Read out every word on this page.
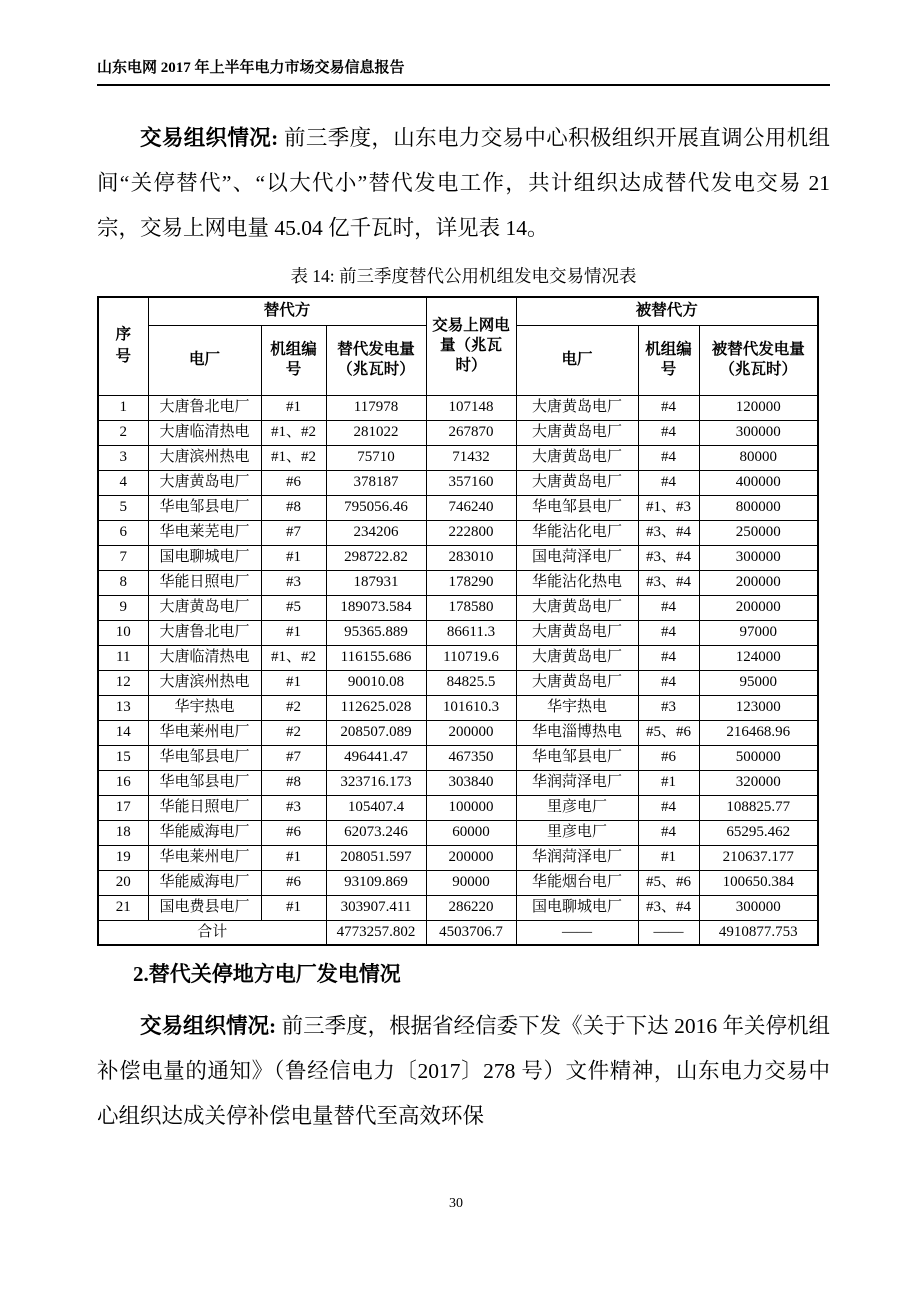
山东电网 2017 年上半年电力市场交易信息报告

交易组织情况: 前三季度，山东电力交易中心积极组织开展直调公用机组间“关停替代”、“以大代小”替代发电工作，共计组织达成替代发电交易 21 宗，交易上网电量 45.04 亿千瓦时，详见表 14。

表 14: 前三季度替代公用机组发电交易情况表
序号	替代方			交易上网电量（兆瓦时）	被替代方		
	电厂	机组编号	替代发电量（兆瓦时）		电厂	机组编号	被替代发电量（兆瓦时）
1	大唐鲁北电厂	#1	117978	107148	大唐黄岛电厂	#4	120000
2	大唐临清热电	#1、#2	281022	267870	大唐黄岛电厂	#4	300000
3	大唐滨州热电	#1、#2	75710	71432	大唐黄岛电厂	#4	80000
4	大唐黄岛电厂	#6	378187	357160	大唐黄岛电厂	#4	400000
5	华电邹县电厂	#8	795056.46	746240	华电邹县电厂	#1、#3	800000
6	华电莱芜电厂	#7	234206	222800	华能沾化电厂	#3、#4	250000
7	国电聊城电厂	#1	298722.82	283010	国电菏泽电厂	#3、#4	300000
8	华能日照电厂	#3	187931	178290	华能沾化热电	#3、#4	200000
9	大唐黄岛电厂	#5	189073.584	178580	大唐黄岛电厂	#4	200000
10	大唐鲁北电厂	#1	95365.889	86611.3	大唐黄岛电厂	#4	97000
11	大唐临清热电	#1、#2	116155.686	110719.6	大唐黄岛电厂	#4	124000
12	大唐滨州热电	#1	90010.08	84825.5	大唐黄岛电厂	#4	95000
13	华宇热电	#2	112625.028	101610.3	华宇热电	#3	123000
14	华电莱州电厂	#2	208507.089	200000	华电淄博热电	#5、#6	216468.96
15	华电邹县电厂	#7	496441.47	467350	华电邹县电厂	#6	500000
16	华电邹县电厂	#8	323716.173	303840	华润菏泽电厂	#1	320000
17	华能日照电厂	#3	105407.4	100000	里彦电厂	#4	108825.77
18	华能威海电厂	#6	62073.246	60000	里彦电厂	#4	65295.462
19	华电莱州电厂	#1	208051.597	200000	华润菏泽电厂	#1	210637.177
20	华能威海电厂	#6	93109.869	90000	华能烟台电厂	#5、#6	100650.384
21	国电费县电厂	#1	303907.411	286220	国电聊城电厂	#3、#4	300000
合计			4773257.802	4503706.7	——	——	4910877.753
2.替代关停地方电厂发电情况

交易组织情况: 前三季度，根据省经信委下发《关于下达 2016 年关停机组补偿电量的通知》（鲁经信电力〔2017〕278 号）文件精神，山东电力交易中心组织达成关停补偿电量替代至高效环保

30
